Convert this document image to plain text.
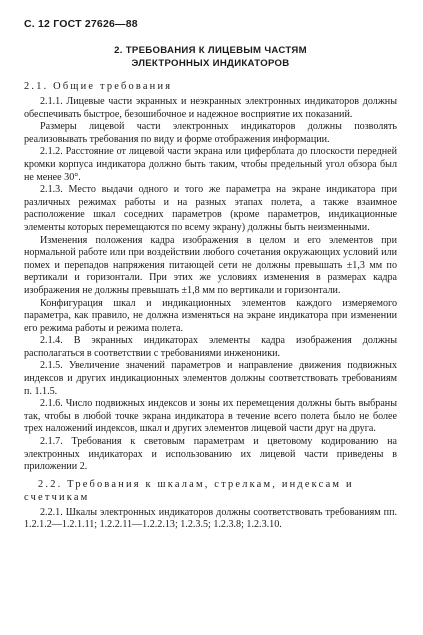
С. 12 ГОСТ 27626—88
2. ТРЕБОВАНИЯ К ЛИЦЕВЫМ ЧАСТЯМ
ЭЛЕКТРОННЫХ ИНДИКАТОРОВ
2.1. Общие требования

2.1.1. Лицевые части экранных и неэкранных электронных индикаторов должны обеспечивать быстрое, безошибочное и надежное восприятие их показаний.

Размеры лицевой части электронных индикаторов должны позволять реализовывать требования по виду и форме отображения информации.

2.1.2. Расстояние от лицевой части экрана или циферблата до плоскости передней кромки корпуса индикатора должно быть таким, чтобы предельный угол обзора был не менее 30°.

2.1.3. Место выдачи одного и того же параметра на экране индикатора при различных режимах работы и на разных этапах полета, а также взаимное расположение шкал соседних параметров (кроме параметров, индикационные элементы которых перемещаются по всему экрану) должны быть неизменными.

Изменения положения кадра изображения в целом и его элементов при нормальной работе или при воздействии любого сочетания окружающих условий или помех и перепадов напряжения питающей сети не должны превышать ±1,3 мм по вертикали и горизонтали. При этих же условиях изменения в размерах кадра изображения не должны превышать ±1,8 мм по вертикали и горизонтали.

Конфигурация шкал и индикационных элементов каждого измеряемого параметра, как правило, не должна изменяться на экране индикатора при изменении его режима работы и режима полета.

2.1.4. В экранных индикаторах элементы кадра изображения должны располагаться в соответствии с требованиями инженоники.

2.1.5. Увеличение значений параметров и направление движения подвижных индексов и других индикационных элементов должны соответствовать требованиям п. 1.1.5.

2.1.6. Число подвижных индексов и зоны их перемещения должны быть выбраны так, чтобы в любой точке экрана индикатора в течение всего полета было не более трех наложений индексов, шкал и других элементов лицевой части друг на друга.

2.1.7. Требования к световым параметрам и цветовому кодированию на электронных индикаторах и использованию их лицевой части приведены в приложении 2.

2.2. Требования к шкалам, стрелкам, индексам и счетчикам

2.2.1. Шкалы электронных индикаторов должны соответствовать требованиям пп. 1.2.1.2—1.2.1.11; 1.2.2.11—1.2.2.13; 1.2.3.5; 1.2.3.8; 1.2.3.10.
